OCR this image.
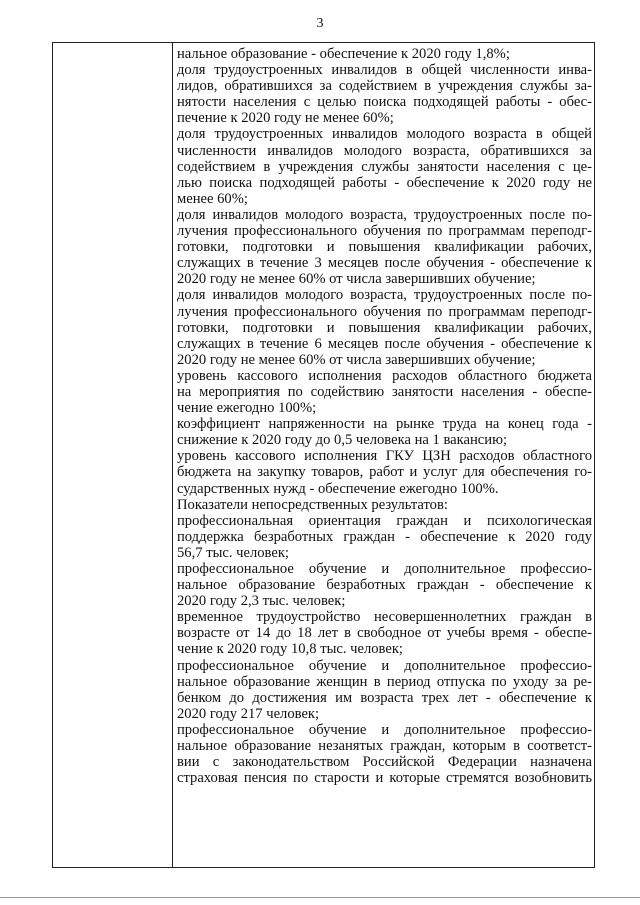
3

нальное образование - обеспечение к 2020 году 1,8%;
доля трудоустроенных инвалидов в общей численности инва-
лидов, обратившихся за содействием в учреждения службы за-
нятости населения с целью поиска подходящей работы - обес-
печение к 2020 году не менее 60%;
доля трудоустроенных инвалидов молодого возраста в общей
численности инвалидов молодого возраста, обратившихся за
содействием в учреждения службы занятости населения с це-
лью поиска подходящей работы - обеспечение к 2020 году не
менее 60%;
доля инвалидов молодого возраста, трудоустроенных после по-
лучения профессионального обучения по программам переподг-
готовки, подготовки и повышения квалификации рабочих,
служащих в течение 3 месяцев после обучения - обеспечение к
2020 году не менее 60% от числа завершивших обучение;
доля инвалидов молодого возраста, трудоустроенных после по-
лучения профессионального обучения по программам переподг-
готовки, подготовки и повышения квалификации рабочих,
служащих в течение 6 месяцев после обучения - обеспечение к
2020 году не менее 60% от числа завершивших обучение;
уровень кассового исполнения расходов областного бюджета
на мероприятия по содействию занятости населения - обеспе-
чение ежегодно 100%;
коэффициент напряженности на рынке труда на конец года -
снижение к 2020 году до 0,5 человека на 1 вакансию;
уровень кассового исполнения ГКУ ЦЗН расходов областного
бюджета на закупку товаров, работ и услуг для обеспечения го-
сударственных нужд - обеспечение ежегодно 100%.
Показатели непосредственных результатов:
профессиональная ориентация граждан и психологическая
поддержка безработных граждан - обеспечение к 2020 году
56,7 тыс. человек;
профессиональное обучение и дополнительное профессио-
нальное образование безработных граждан - обеспечение к
2020 году 2,3 тыс. человек;
временное трудоустройство несовершеннолетних граждан в
возрасте от 14 до 18 лет в свободное от учебы время - обеспе-
чение к 2020 году 10,8 тыс. человек;
профессиональное обучение и дополнительное профессио-
нальное образование женщин в период отпуска по уходу за ре-
бенком до достижения им возраста трех лет - обеспечение к
2020 году 217 человек;
профессиональное обучение и дополнительное профессио-
нальное образование незанятых граждан, которым в соответст-
вии с законодательством Российской Федерации назначена
страховая пенсия по старости и которые стремятся возобновить
